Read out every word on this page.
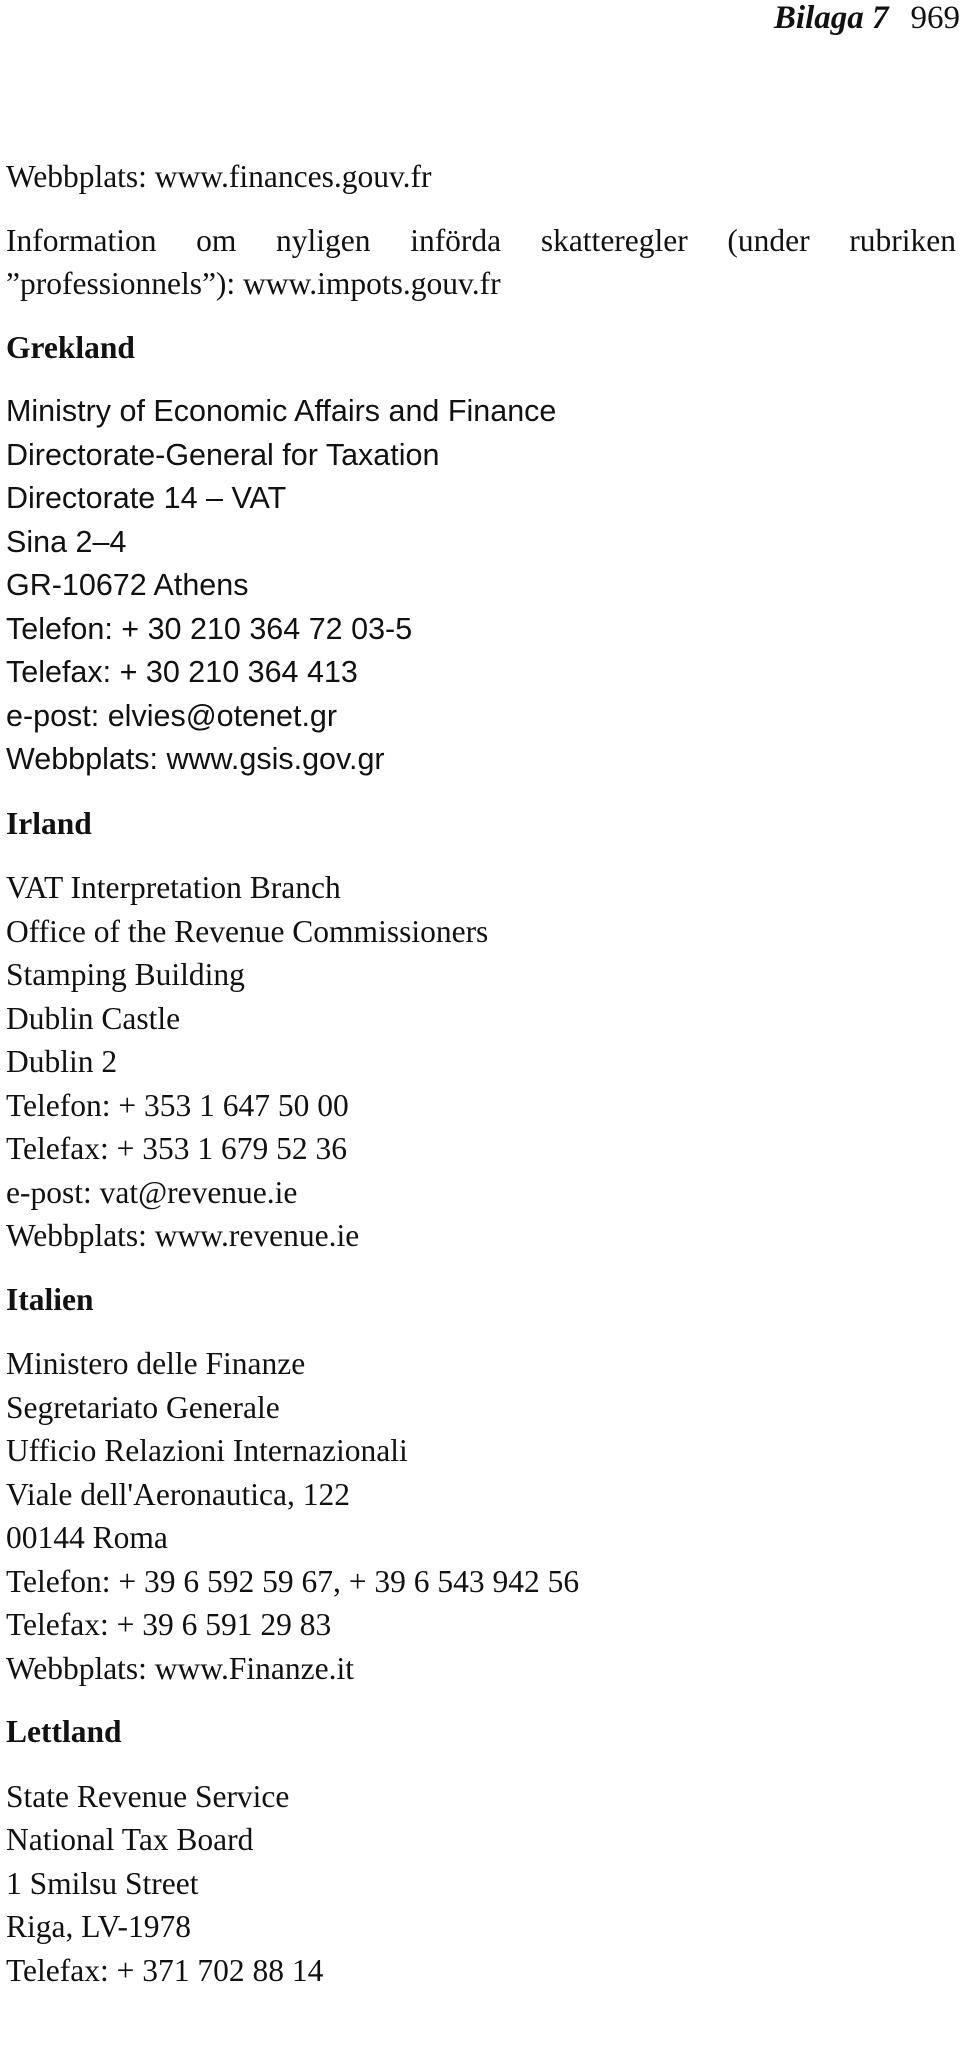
Bilaga 7 969
Webbplats: www.finances.gouv.fr
Information om nyligen införda skatteregler (under rubriken
”professionnels”): www.impots.gouv.fr
Grekland
Ministry of Economic Affairs and Finance
Directorate-General for Taxation
Directorate 14 – VAT
Sina 2–4
GR-10672 Athens
Telefon: + 30 210 364 72 03-5
Telefax: + 30 210 364 413
e-post: elvies@otenet.gr
Webbplats: www.gsis.gov.gr
Irland
VAT Interpretation Branch
Office of the Revenue Commissioners
Stamping Building
Dublin Castle
Dublin 2
Telefon: + 353 1 647 50 00
Telefax: + 353 1 679 52 36
e-post: vat@revenue.ie
Webbplats: www.revenue.ie
Italien
Ministero delle Finanze
Segretariato Generale
Ufficio Relazioni Internazionali
Viale dell'Aeronautica, 122
00144 Roma
Telefon: + 39 6 592 59 67, + 39 6 543 942 56
Telefax: + 39 6 591 29 83
Webbplats: www.Finanze.it
Lettland
State Revenue Service
National Tax Board
1 Smilsu Street
Riga, LV-1978
Telefax: + 371 702 88 14
